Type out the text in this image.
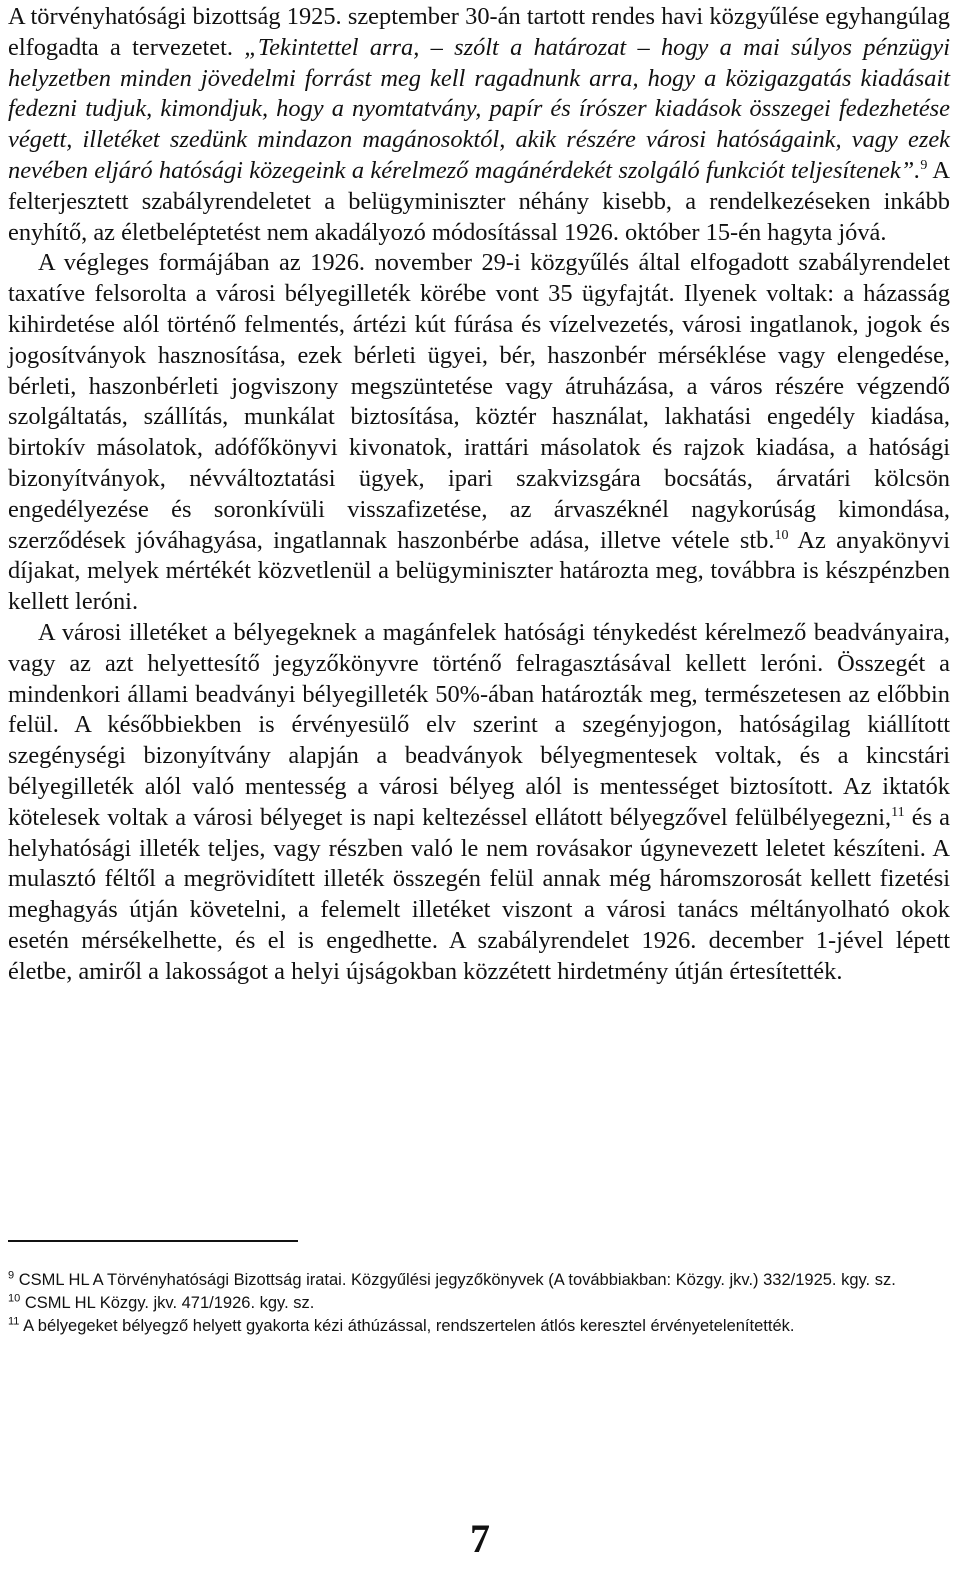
A törvényhatósági bizottság 1925. szeptember 30-án tartott rendes havi közgyűlése egyhangúlag elfogadta a tervezetet. „Tekintettel arra, – szólt a határozat – hogy a mai súlyos pénzügyi helyzetben minden jövedelmi forrást meg kell ragadnunk arra, hogy a közigazgatás kiadásait fedezni tudjuk, kimondjuk, hogy a nyomtatvány, papír és írószer kiadások összegei fedezhetése végett, illetéket szedünk mindazon magánosoktól, akik részére városi hatóságaink, vagy ezek nevében eljáró hatósági közegeink a kérelmező magánérdekét szolgáló funkciót teljesítenek”.$^9$ A felterjesztett szabályrendeletet a belügyminiszter néhány kisebb, a rendelkezéseken inkább enyhítő, az életbeléptetést nem akadályozó módosítással 1926. október 15-én hagyta jóvá.

A végleges formájában az 1926. november 29-i közgyűlés által elfogadott szabályrendelet taxatíve felsorolta a városi bélyegilleték körébe vont 35 ügyfajtát. Ilyenek voltak: a házasság kihirdetése alól történő felmentés, ártézi kút fúrása és vízelvezetés, városi ingatlanok, jogok és jogosítványok hasznosítása, ezek bérleti ügyei, bér, haszonbér mérséklése vagy elengedése, bérleti, haszonbérleti jogviszony megszüntetése vagy átruházása, a város részére végzendő szolgáltatás, szállítás, munkálat biztosítása, köztér használat, lakhatási engedély kiadása, birtokív másolatok, adófőkönyvi kivonatok, irattári másolatok és rajzok kiadása, a hatósági bizonyítványok, névváltoztatási ügyek, ipari szakvizsgára bocsátás, árvatári kölcsön engedélyezése és soronkívüli visszafizetése, az árvaszéknél nagykorúság kimondása, szerződések jóváhagyása, ingatlannak haszonbérbe adása, illetve vétele stb.$^{10}$ Az anyakönyvi díjakat, melyek mértékét közvetlenül a belügyminiszter határozta meg, továbbra is készpénzben kellett leróni.

A városi illetéket a bélyegeknek a magánfelek hatósági ténykedést kérelmező beadványaira, vagy az azt helyettesítő jegyzőkönyvre történő felragasztásával kellett leróni. Összegét a mindenkori állami beadványi bélyegilleték 50%-ában határozták meg, természetesen az előbbin felül. A későbbiekben is érvényesülő elv szerint a szegényjogon, hatóságilag kiállított szegénységi bizonyítvány alapján a beadványok bélyegmentesek voltak, és a kincstári bélyegilleték alól való mentesség a városi bélyeg alól is mentességet biztosított. Az iktatók kötelesek voltak a városi bélyeget is napi keltezéssel ellátott bélyegzővel felülbélyegezni,$^{11}$ és a helyhatósági illeték teljes, vagy részben való le nem rovásakor úgynevezett leletet készíteni. A mulasztó féltől a megrövidített illeték összegén felül annak még háromszorosát kellett fizetési meghagyás útján követelni, a felemelt illetéket viszont a városi tanács méltányolható okok esetén mérsékelhette, és el is engedhette. A szabályrendelet 1926. december 1-jével lépett életbe, amiről a lakosságot a helyi újságokban közzétett hirdetmény útján értesítették.

$^9$ CSML HL A Törvényhatósági Bizottság iratai. Közgyűlési jegyzőkönyvek (A továbbiakban: Közgy. jkv.) 332/1925. kgy. sz.

$^{10}$ CSML HL Közgy. jkv. 471/1926. kgy. sz.

$^{11}$ A bélyegeket bélyegző helyett gyakorta kézi áthúzással, rendszertelen átlós keresztel érvényetelenítették.

7
